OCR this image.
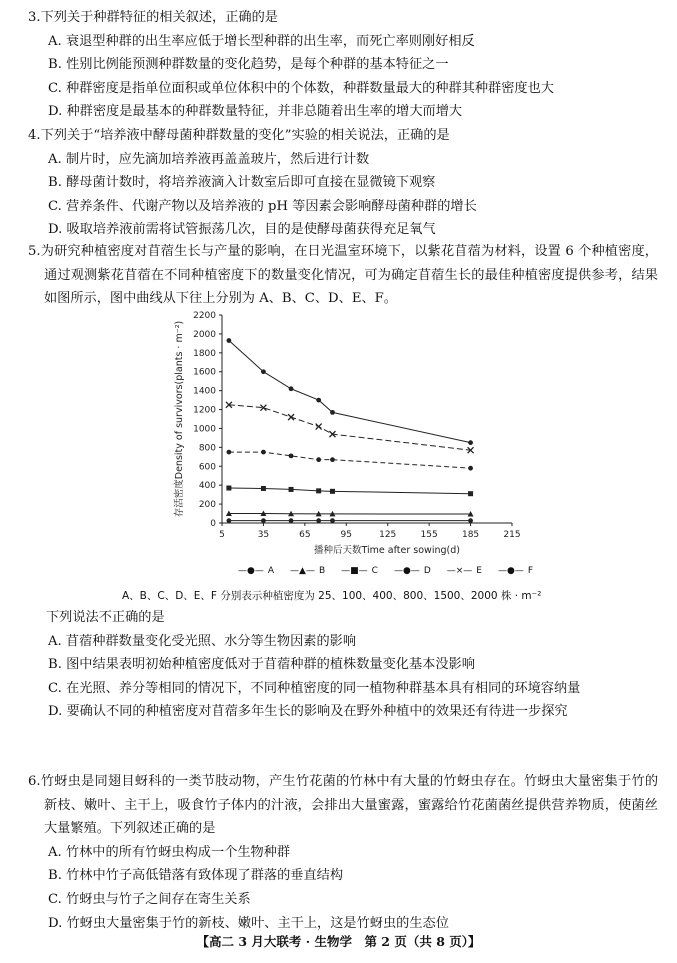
3.下列关于种群特征的相关叙述，正确的是
A. 衰退型种群的出生率应低于增长型种群的出生率，而死亡率则刚好相反
B. 性别比例能预测种群数量的变化趋势，是每个种群的基本特征之一
C. 种群密度是指单位面积或单位体积中的个体数，种群数量最大的种群其种群密度也大
D. 种群密度是最基本的种群数量特征，并非总随着出生率的增大而增大
4.下列关于“培养液中酵母菌种群数量的变化”实验的相关说法，正确的是
A. 制片时，应先滴加培养液再盖盖玻片，然后进行计数
B. 酵母菌计数时，将培养液滴入计数室后即可直接在显微镜下观察
C. 营养条件、代谢产物以及培养液的 pH 等因素会影响酵母菌种群的增长
D. 吸取培养液前需将试管振荡几次，目的是使酵母菌获得充足氧气
5.为研究种植密度对苜蓿生长与产量的影响，在日光温室环境下，以紫花苜蓿为材料，设置 6 个种植密度，通过观测紫花苜蓿在不同种植密度下的数量变化情况，可为确定苜蓿生长的最佳种植密度提供参考，结果如图所示，图中曲线从下往上分别为 A、B、C、D、E、F。
0
200
400
600
800
1000
1200
1400
1600
1800
2000
2200
5	35	65	95	125	155	185	215
播种后天数Time after sowing(d)
存活密度Density of survivors(plants · m⁻²)
—●— A —▲— B —■— C —●— D —×— E —●— F
A、B、C、D、E、F 分别表示种植密度为 25、100、400、800、1500、2000 株 · m⁻²
下列说法不正确的是
A. 苜蓿种群数量变化受光照、水分等生物因素的影响
B. 图中结果表明初始种植密度低对于苜蓿种群的植株数量变化基本没影响
C. 在光照、养分等相同的情况下，不同种植密度的同一植物种群基本具有相同的环境容纳量
D. 要确认不同的种植密度对苜蓿多年生长的影响及在野外种植中的效果还有待进一步探究
6.竹蚜虫是同翅目蚜科的一类节肢动物，产生竹花菌的竹林中有大量的竹蚜虫存在。竹蚜虫大量密集于竹的新枝、嫩叶、主干上，吸食竹子体内的汁液，会排出大量蜜露，蜜露给竹花菌菌丝提供营养物质，使菌丝大量繁殖。下列叙述正确的是
A. 竹林中的所有竹蚜虫构成一个生物种群
B. 竹林中竹子高低错落有致体现了群落的垂直结构
C. 竹蚜虫与竹子之间存在寄生关系
D. 竹蚜虫大量密集于竹的新枝、嫩叶、主干上，这是竹蚜虫的生态位
【高二 3 月大联考 · 生物学　第 2 页（共 8 页）】
